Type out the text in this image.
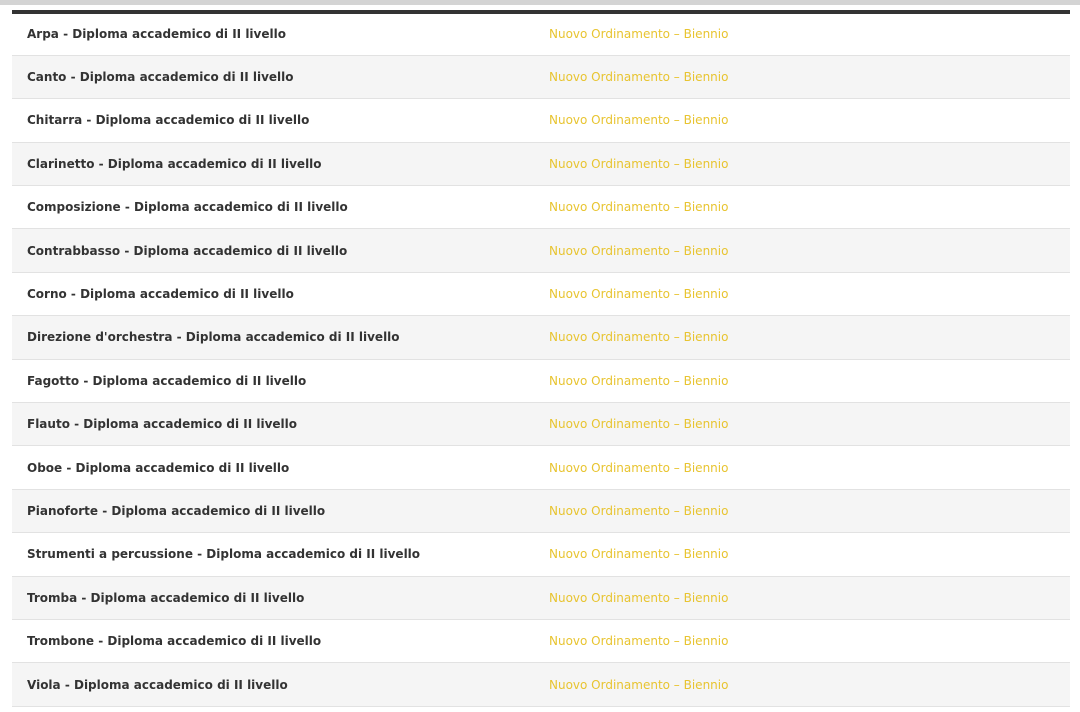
Arpa - Diploma accademico di II livello	Nuovo Ordinamento – Biennio
Canto - Diploma accademico di II livello	Nuovo Ordinamento – Biennio
Chitarra - Diploma accademico di II livello	Nuovo Ordinamento – Biennio
Clarinetto - Diploma accademico di II livello	Nuovo Ordinamento – Biennio
Composizione - Diploma accademico di II livello	Nuovo Ordinamento – Biennio
Contrabbasso - Diploma accademico di II livello	Nuovo Ordinamento – Biennio
Corno - Diploma accademico di II livello	Nuovo Ordinamento – Biennio
Direzione d'orchestra - Diploma accademico di II livello	Nuovo Ordinamento – Biennio
Fagotto - Diploma accademico di II livello	Nuovo Ordinamento – Biennio
Flauto - Diploma accademico di II livello	Nuovo Ordinamento – Biennio
Oboe - Diploma accademico di II livello	Nuovo Ordinamento – Biennio
Pianoforte - Diploma accademico di II livello	Nuovo Ordinamento – Biennio
Strumenti a percussione - Diploma accademico di II livello	Nuovo Ordinamento – Biennio
Tromba - Diploma accademico di II livello	Nuovo Ordinamento – Biennio
Trombone - Diploma accademico di II livello	Nuovo Ordinamento – Biennio
Viola - Diploma accademico di II livello	Nuovo Ordinamento – Biennio
